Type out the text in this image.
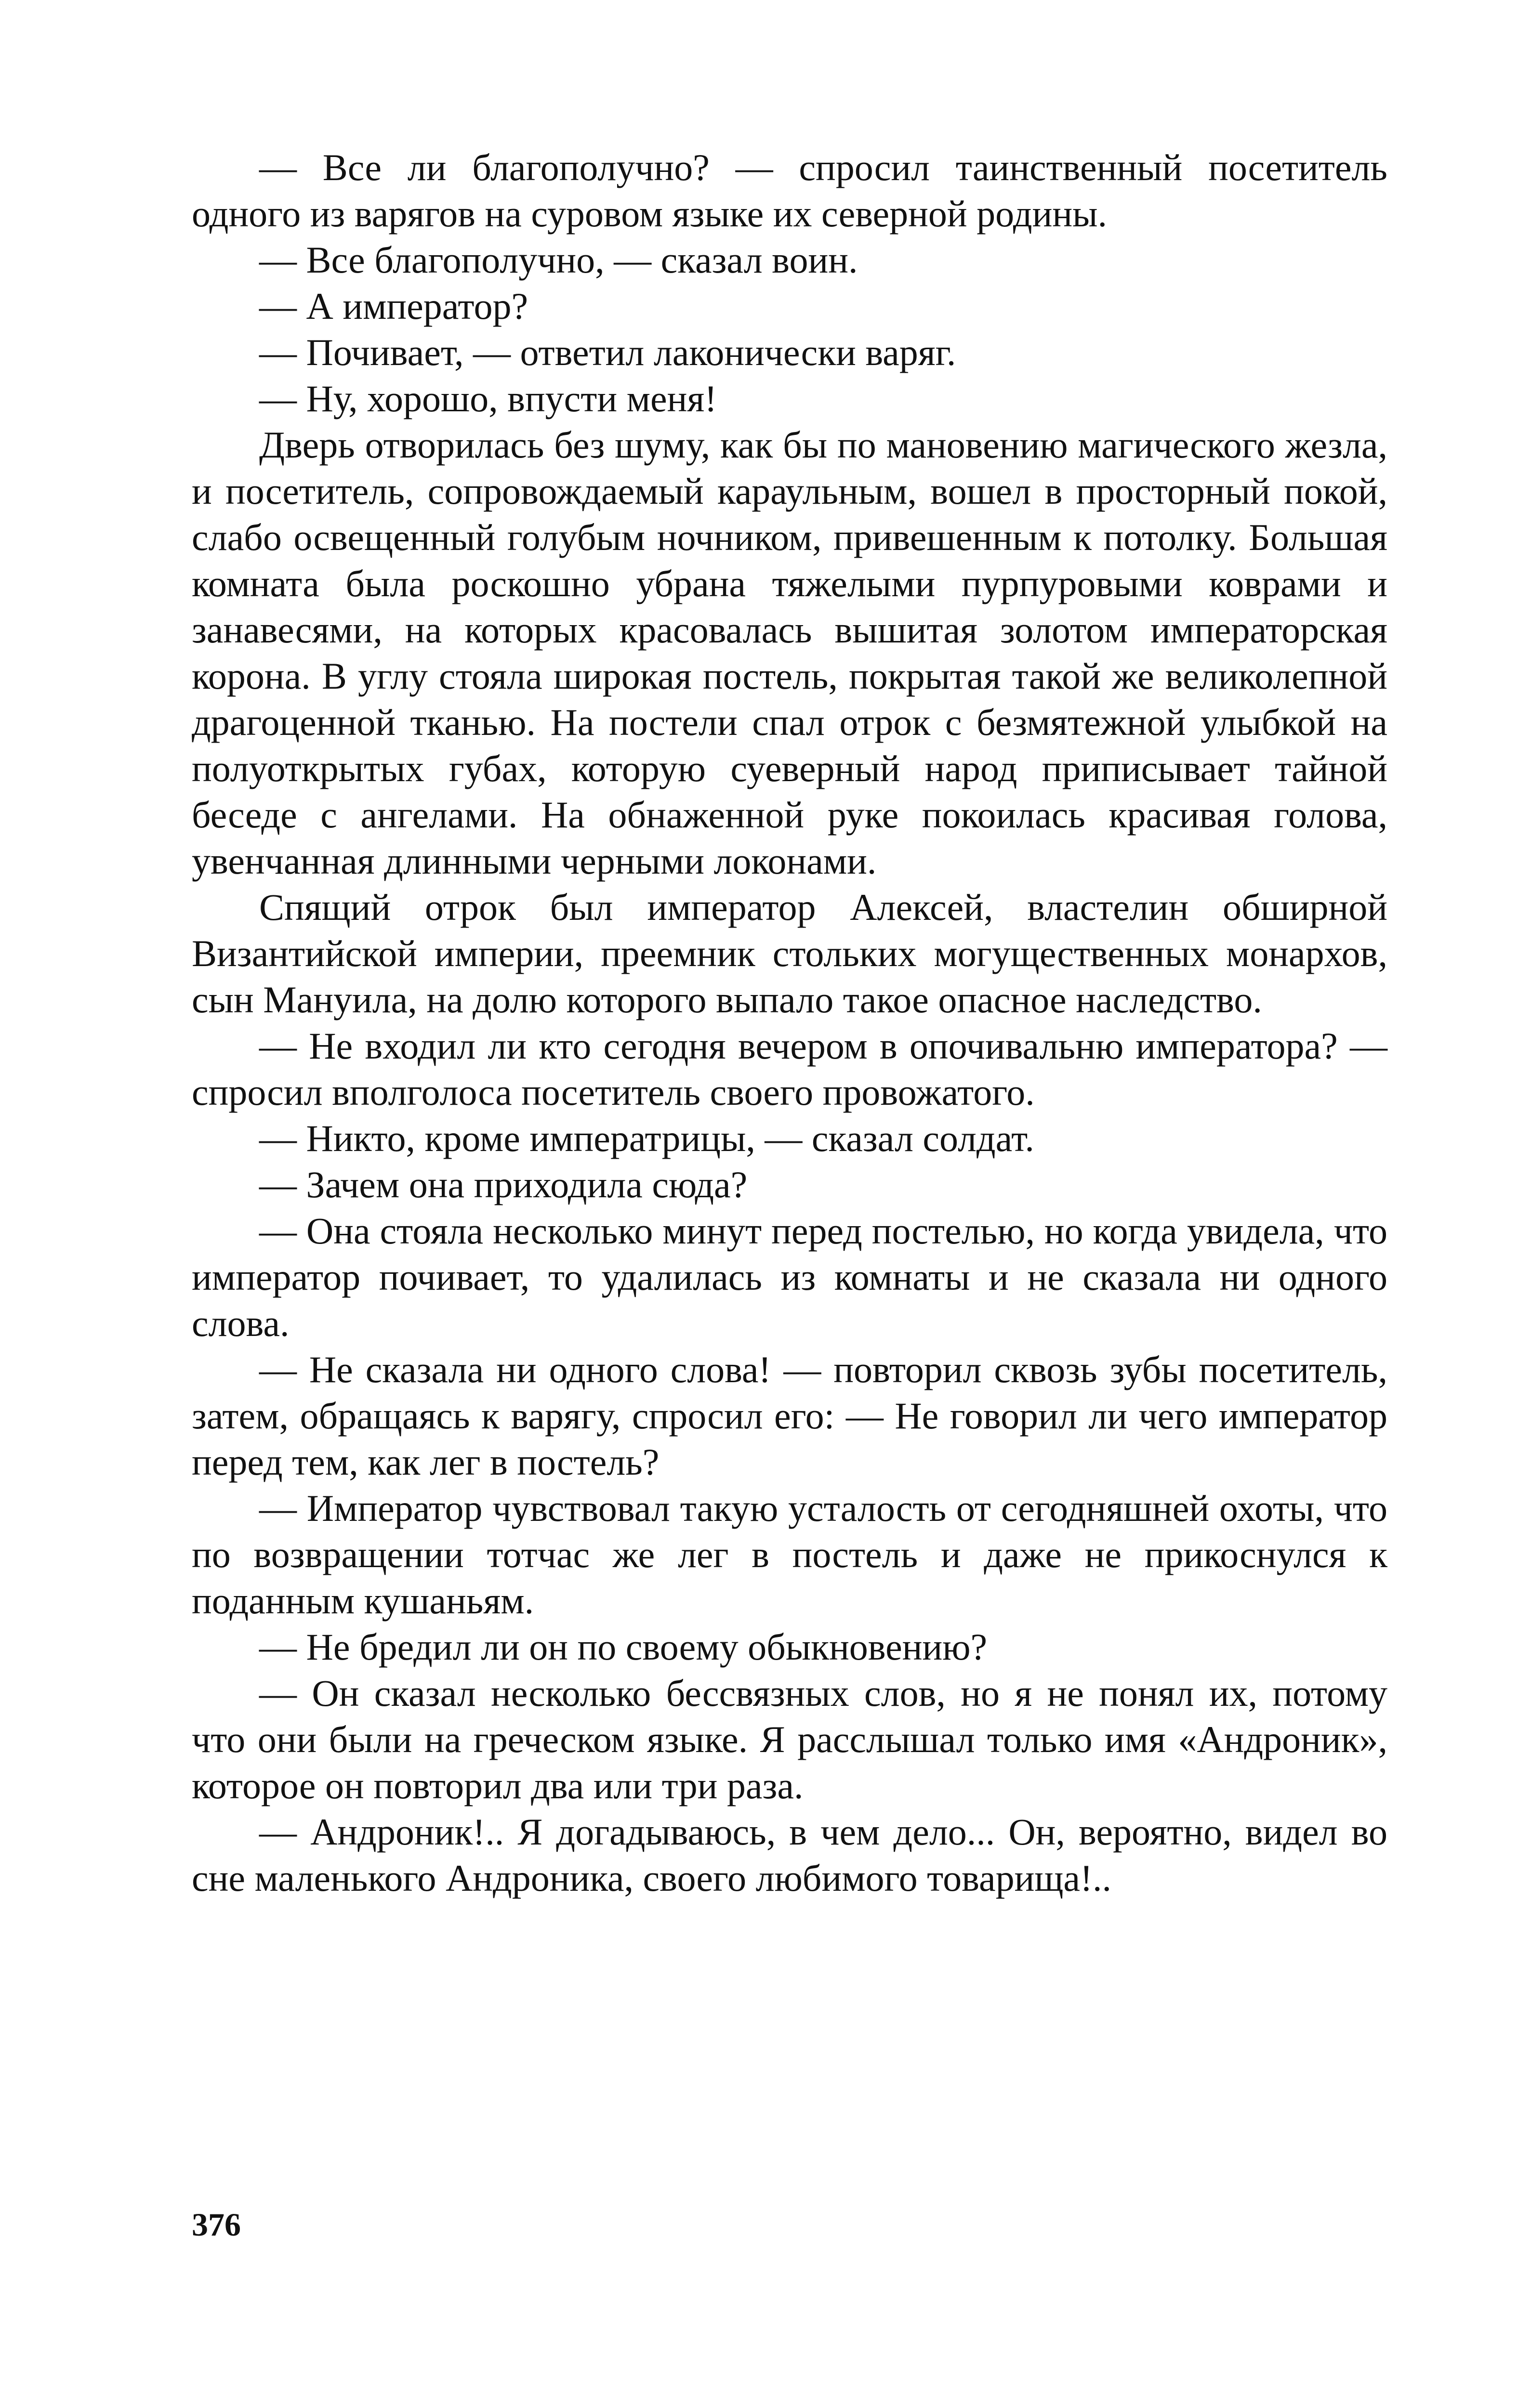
— Все ли благополучно? — спросил таинственный посетитель одного из варягов на суровом языке их северной родины.

— Все благополучно, — сказал воин.

— А император?

— Почивает, — ответил лаконически варяг.

— Ну, хорошо, впусти меня!

Дверь отворилась без шуму, как бы по мановению магического жезла, и посетитель, сопровождаемый караульным, вошел в просторный покой, слабо освещенный голубым ночником, привешенным к потолку. Большая комната была роскошно убрана тяжелыми пурпуровыми коврами и занавесями, на которых красовалась вышитая золотом императорская корона. В углу стояла широкая постель, покрытая такой же великолепной драгоценной тканью. На постели спал отрок с безмятежной улыбкой на полуоткрытых губах, которую суеверный народ приписывает тайной беседе с ангелами. На обнаженной руке покоилась красивая голова, увенчанная длинными черными локонами.

Спящий отрок был император Алексей, властелин обширной Византийской империи, преемник стольких могущественных монархов, сын Мануила, на долю которого выпало такое опасное наследство.

— Не входил ли кто сегодня вечером в опочивальню императора? — спросил вполголоса посетитель своего провожатого.

— Никто, кроме императрицы, — сказал солдат.

— Зачем она приходила сюда?

— Она стояла несколько минут перед постелью, но когда увидела, что император почивает, то удалилась из комнаты и не сказала ни одного слова.

— Не сказала ни одного слова! — повторил сквозь зубы посетитель, затем, обращаясь к варягу, спросил его: — Не говорил ли чего император перед тем, как лег в постель?

— Император чувствовал такую усталость от сегодняшней охоты, что по возвращении тотчас же лег в постель и даже не прикоснулся к поданным кушаньям.

— Не бредил ли он по своему обыкновению?

— Он сказал несколько бессвязных слов, но я не понял их, потому что они были на греческом языке. Я расслышал только имя «Андроник», которое он повторил два или три раза.

— Андроник!.. Я догадываюсь, в чем дело... Он, вероятно, видел во сне маленького Андроника, своего любимого товарища!..

376
